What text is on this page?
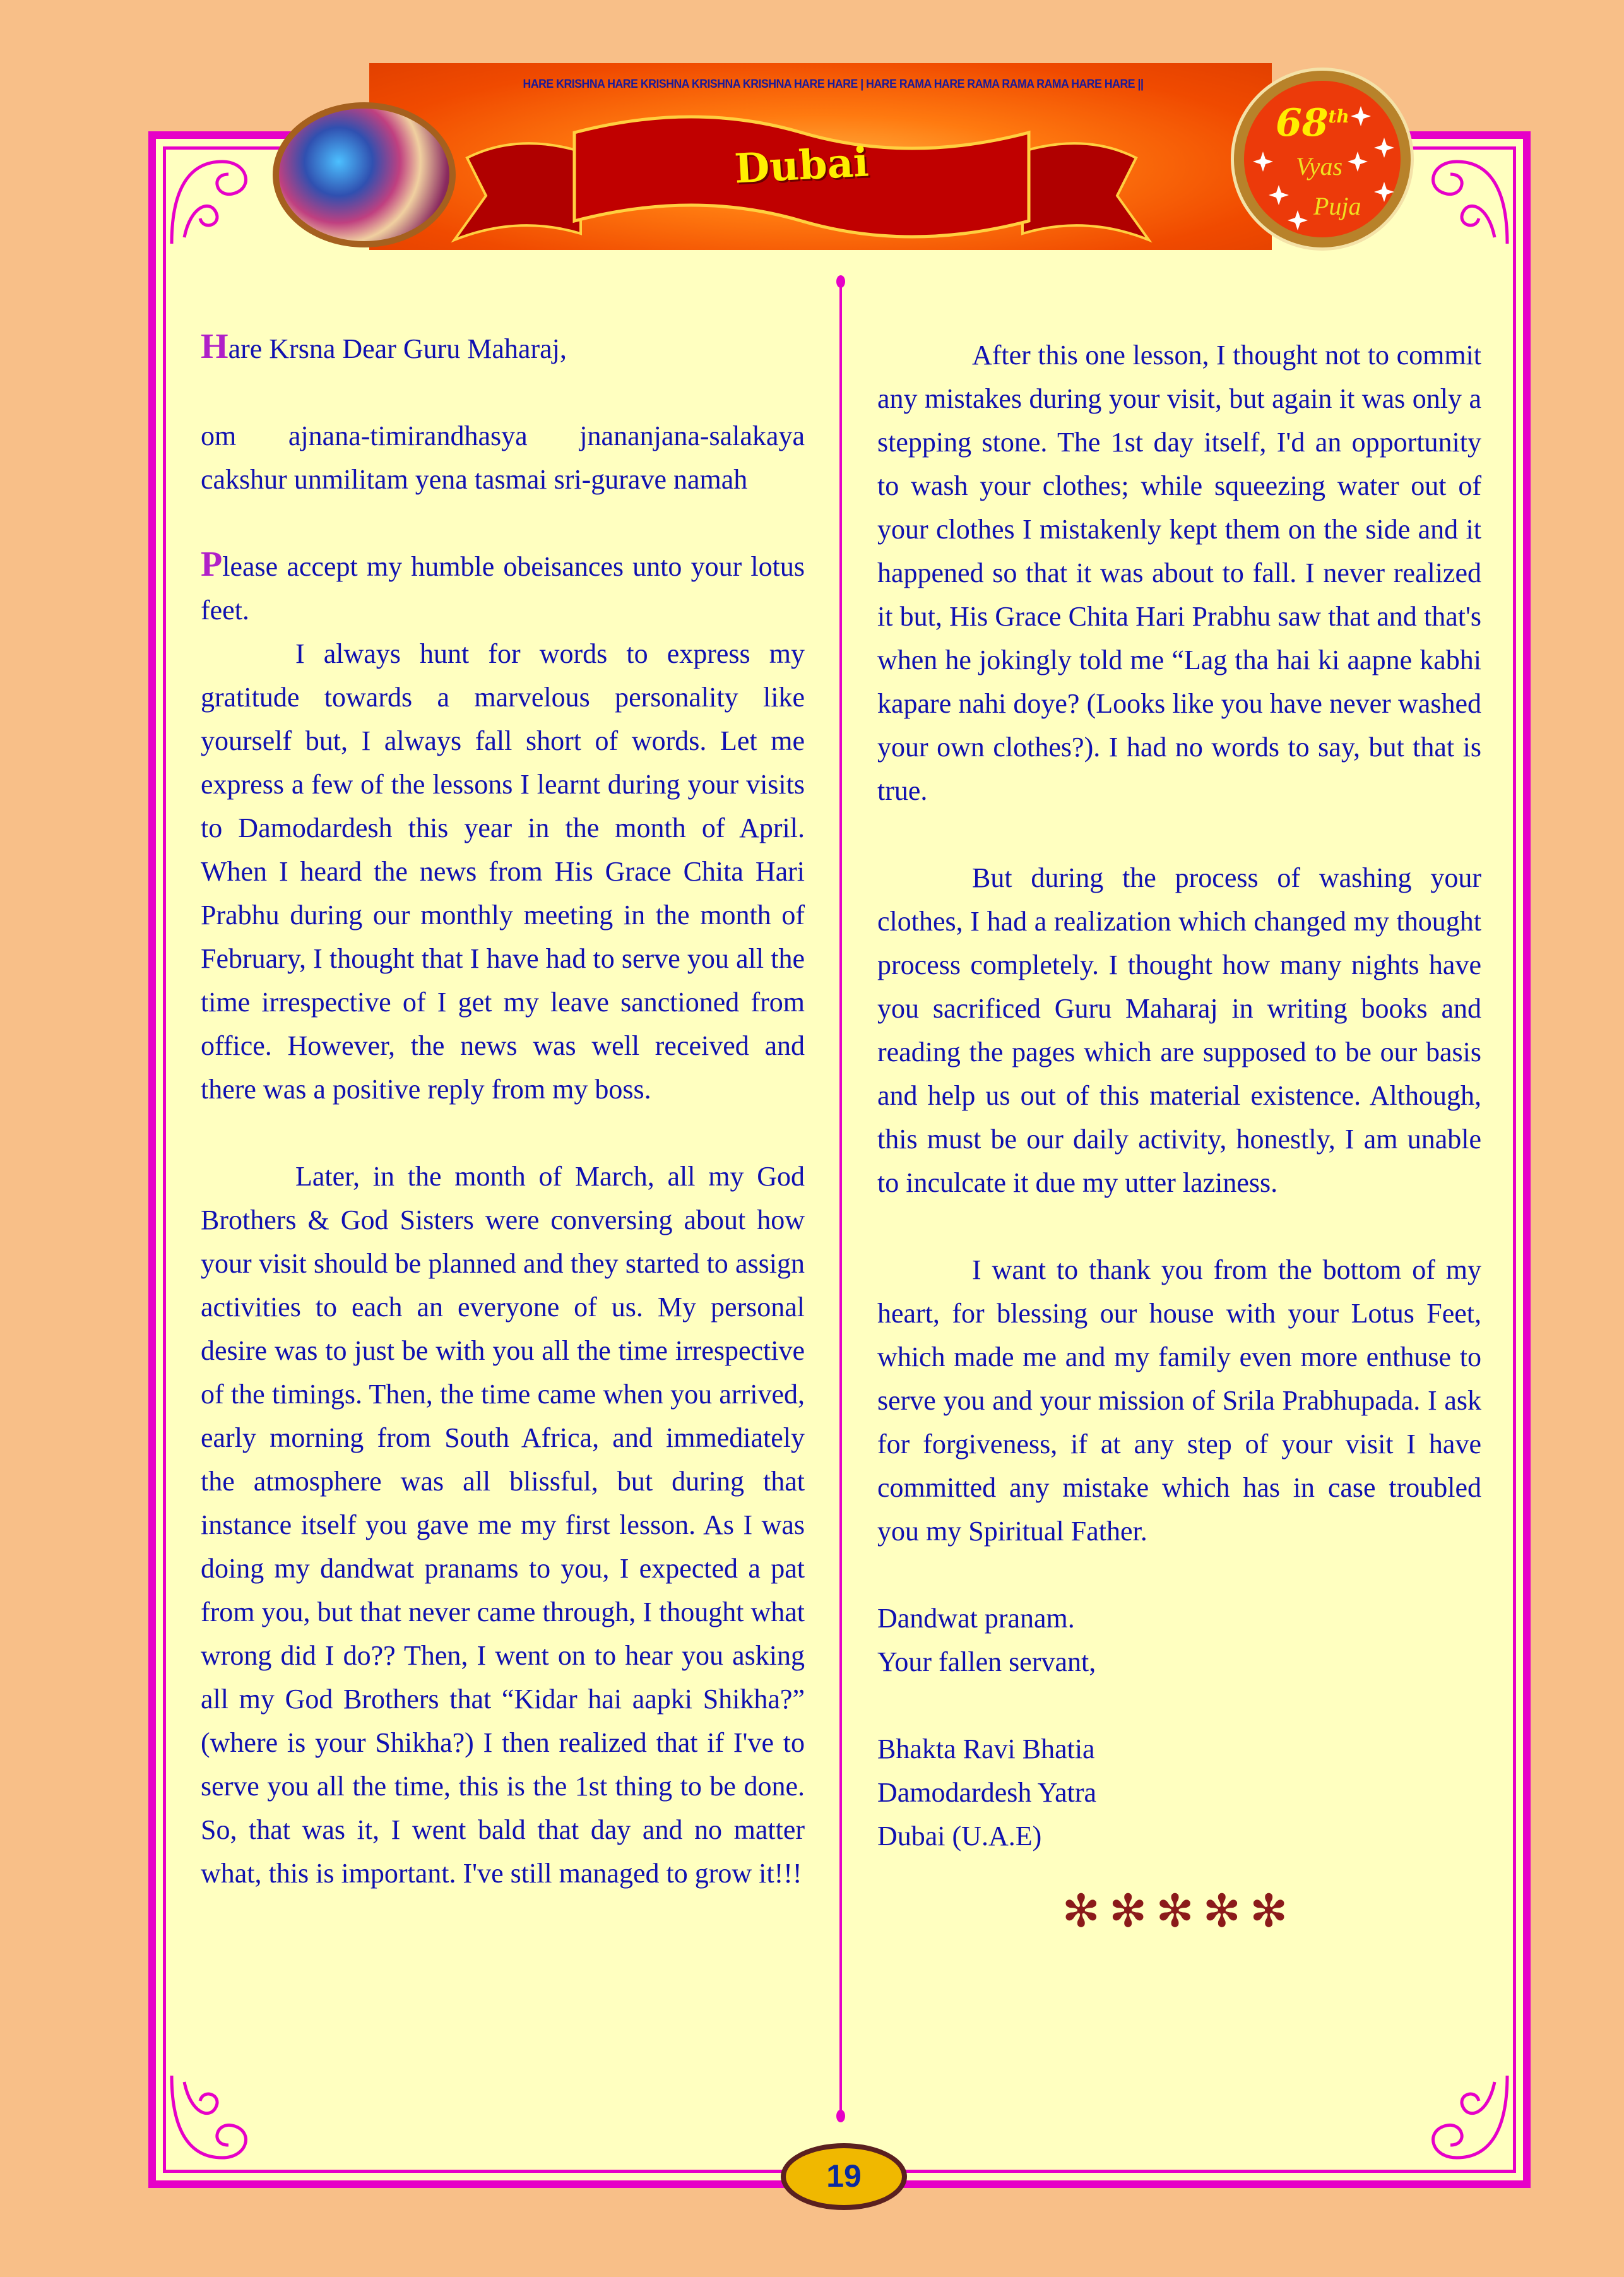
HARE KRISHNA HARE KRISHNA KRISHNA KRISHNA HARE HARE | HARE RAMA HARE RAMA RAMA RAMA HARE HARE ||
Dubai
68th
Vyas
Puja

Hare Krsna Dear Guru Maharaj,

om ajnana-timirandhasya jnananjana-salakaya cakshur unmilitam yena tasmai sri-gurave namah

Please accept my humble obeisances unto your lotus feet.

I always hunt for words to express my gratitude towards a marvelous personality like yourself but, I always fall short of words. Let me express a few of the lessons I learnt during your visits to Damodardesh this year in the month of April. When I heard the news from His Grace Chita Hari Prabhu during our monthly meeting in the month of February, I thought that I have had to serve you all the time irrespective of I get my leave sanctioned from office. However, the news was well received and there was a positive reply from my boss.

Later, in the month of March, all my God Brothers & God Sisters were conversing about how your visit should be planned and they started to assign activities to each an everyone of us. My personal desire was to just be with you all the time irrespective of the timings. Then, the time came when you arrived, early morning from South Africa, and immediately the atmosphere was all blissful, but during that instance itself you gave me my first lesson. As I was doing my dandwat pranams to you, I expected a pat from you, but that never came through, I thought what wrong did I do?? Then, I went on to hear you asking all my God Brothers that “Kidar hai aapki Shikha?” (where is your Shikha?) I then realized that if I've to serve you all the time, this is the 1st thing to be done. So, that was it, I went bald that day and no matter what, this is important. I've still managed to grow it!!!

After this one lesson, I thought not to commit any mistakes during your visit, but again it was only a stepping stone. The 1st day itself, I'd an opportunity to wash your clothes; while squeezing water out of your clothes I mistakenly kept them on the side and it happened so that it was about to fall. I never realized it but, His Grace Chita Hari Prabhu saw that and that's when he jokingly told me “Lag tha hai ki aapne kabhi kapare nahi doye? (Looks like you have never washed your own clothes?). I had no words to say, but that is true.

But during the process of washing your clothes, I had a realization which changed my thought process completely. I thought how many nights have you sacrificed Guru Maharaj in writing books and reading the pages which are supposed to be our basis and help us out of this material existence. Although, this must be our daily activity, honestly, I am unable to inculcate it due my utter laziness.

I want to thank you from the bottom of my heart, for blessing our house with your Lotus Feet, which made me and my family even more enthuse to serve you and your mission of Srila Prabhupada. I ask for forgiveness, if at any step of your visit I have committed any mistake which has in case troubled you my Spiritual Father.

Dandwat pranam.

Your fallen servant,

Bhakta Ravi Bhatia

Damodardesh Yatra

Dubai (U.A.E)

✻✻✻✻✻
19
